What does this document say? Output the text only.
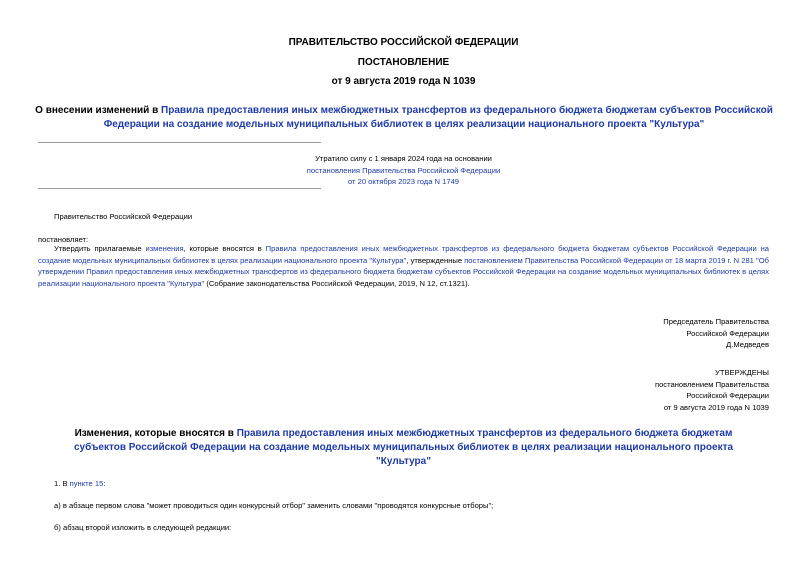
ПРАВИТЕЛЬСТВО РОССИЙСКОЙ ФЕДЕРАЦИИ
ПОСТАНОВЛЕНИЕ
от 9 августа 2019 года N 1039
О внесении изменений в Правила предоставления иных межбюджетных трансфертов из федерального бюджета бюджетам субъектов Российской Федерации на создание модельных муниципальных библиотек в целях реализации национального проекта "Культура"
Утратило силу с 1 января 2024 года на основании
постановления Правительства Российской Федерации
от 20 октября 2023 года N 1749
Правительство Российской Федерации
постановляет:
Утвердить прилагаемые изменения, которые вносятся в Правила предоставления иных межбюджетных трансфертов из федерального бюджета бюджетам субъектов Российской Федерации на создание модельных муниципальных библиотек в целях реализации национального проекта "Культура", утвержденные постановлением Правительства Российской Федерации от 18 марта 2019 г. N 281 "Об утверждении Правил предоставления иных межбюджетных трансфертов из федерального бюджета бюджетам субъектов Российской Федерации на создание модельных муниципальных библиотек в целях реализации национального проекта "Культура" (Собрание законодательства Российской Федерации, 2019, N 12, ст.1321).
Председатель Правительства
Российской Федерации
Д.Медведев
УТВЕРЖДЕНЫ
постановлением Правительства
Российской Федерации
от 9 августа 2019 года N 1039
Изменения, которые вносятся в Правила предоставления иных межбюджетных трансфертов из федерального бюджета бюджетам субъектов Российской Федерации на создание модельных муниципальных библиотек в целях реализации национального проекта "Культура"
1. В пункте 15:
а) в абзаце первом слова "может проводиться один конкурсный отбор" заменить словами "проводятся конкурсные отборы";
б) абзац второй изложить в следующей редакции:
